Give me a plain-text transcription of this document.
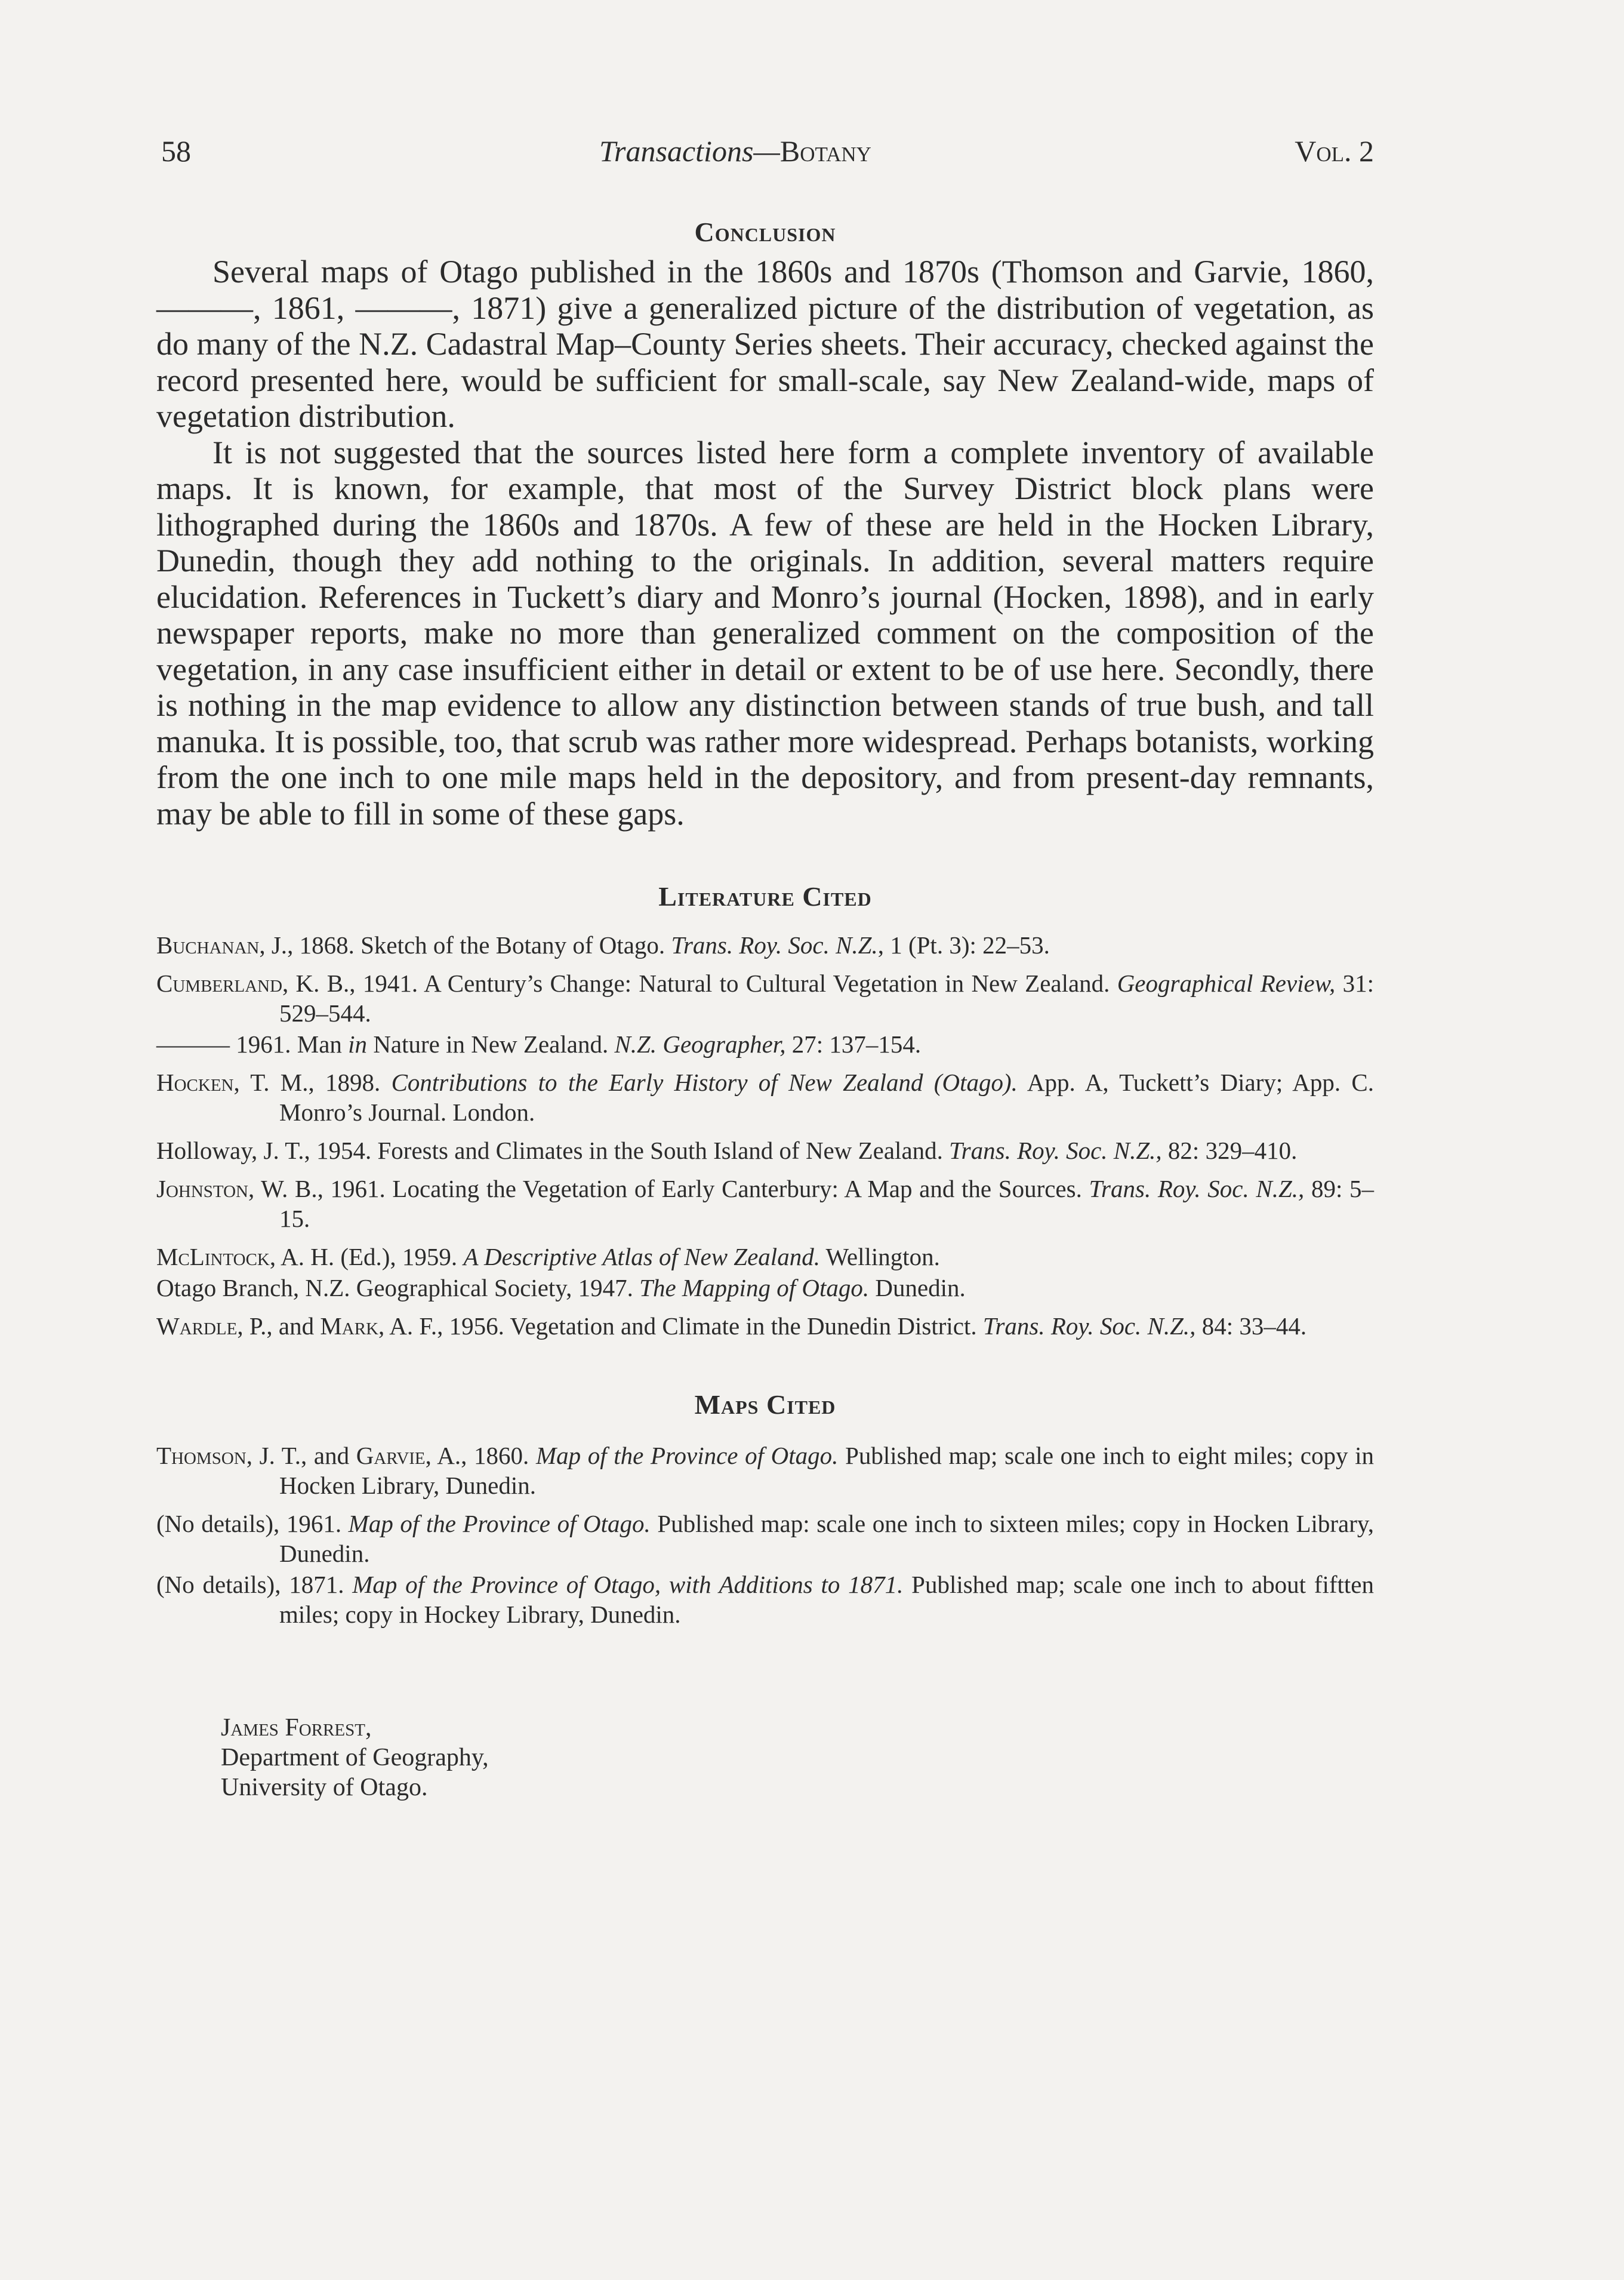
58	Transactions—Botany	Vol. 2
Conclusion

Several maps of Otago published in the 1860s and 1870s (Thomson and Garvie, 1860, ———, 1861, ———, 1871) give a generalized picture of the distribution of vegetation, as do many of the N.Z. Cadastral Map–County Series sheets. Their accuracy, checked against the record presented here, would be sufficient for small-scale, say New Zealand-wide, maps of vegetation distribution.

It is not suggested that the sources listed here form a complete inventory of available maps. It is known, for example, that most of the Survey District block plans were lithographed during the 1860s and 1870s. A few of these are held in the Hocken Library, Dunedin, though they add nothing to the originals. In addition, several matters require elucidation. References in Tuckett’s diary and Monro’s journal (Hocken, 1898), and in early newspaper reports, make no more than generalized comment on the composition of the vegetation, in any case insufficient either in detail or extent to be of use here. Secondly, there is nothing in the map evidence to allow any distinction between stands of true bush, and tall manuka. It is possible, too, that scrub was rather more widespread. Perhaps botanists, working from the one inch to one mile maps held in the depository, and from present-day remnants, may be able to fill in some of these gaps.

Literature Cited
Buchanan, J., 1868. Sketch of the Botany of Otago. Trans. Roy. Soc. N.Z., 1 (Pt. 3): 22–53.
Cumberland, K. B., 1941. A Century’s Change: Natural to Cultural Vegetation in New Zealand. Geographical Review, 31: 529–544.
——— 1961. Man in Nature in New Zealand. N.Z. Geographer, 27: 137–154.
Hocken, T. M., 1898. Contributions to the Early History of New Zealand (Otago). App. A, Tuckett’s Diary; App. C. Monro’s Journal. London.
Holloway, J. T., 1954. Forests and Climates in the South Island of New Zealand. Trans. Roy. Soc. N.Z., 82: 329–410.
Johnston, W. B., 1961. Locating the Vegetation of Early Canterbury: A Map and the Sources. Trans. Roy. Soc. N.Z., 89: 5–15.
McLintock, A. H. (Ed.), 1959. A Descriptive Atlas of New Zealand. Wellington.
Otago Branch, N.Z. Geographical Society, 1947. The Mapping of Otago. Dunedin.
Wardle, P., and Mark, A. F., 1956. Vegetation and Climate in the Dunedin District. Trans. Roy. Soc. N.Z., 84: 33–44.
Maps Cited
Thomson, J. T., and Garvie, A., 1860. Map of the Province of Otago. Published map; scale one inch to eight miles; copy in Hocken Library, Dunedin.
(No details), 1961. Map of the Province of Otago. Published map: scale one inch to sixteen miles; copy in Hocken Library, Dunedin.
(No details), 1871. Map of the Province of Otago, with Additions to 1871. Published map; scale one inch to about fiftten miles; copy in Hockey Library, Dunedin.
James Forrest,
Department of Geography,
University of Otago.
